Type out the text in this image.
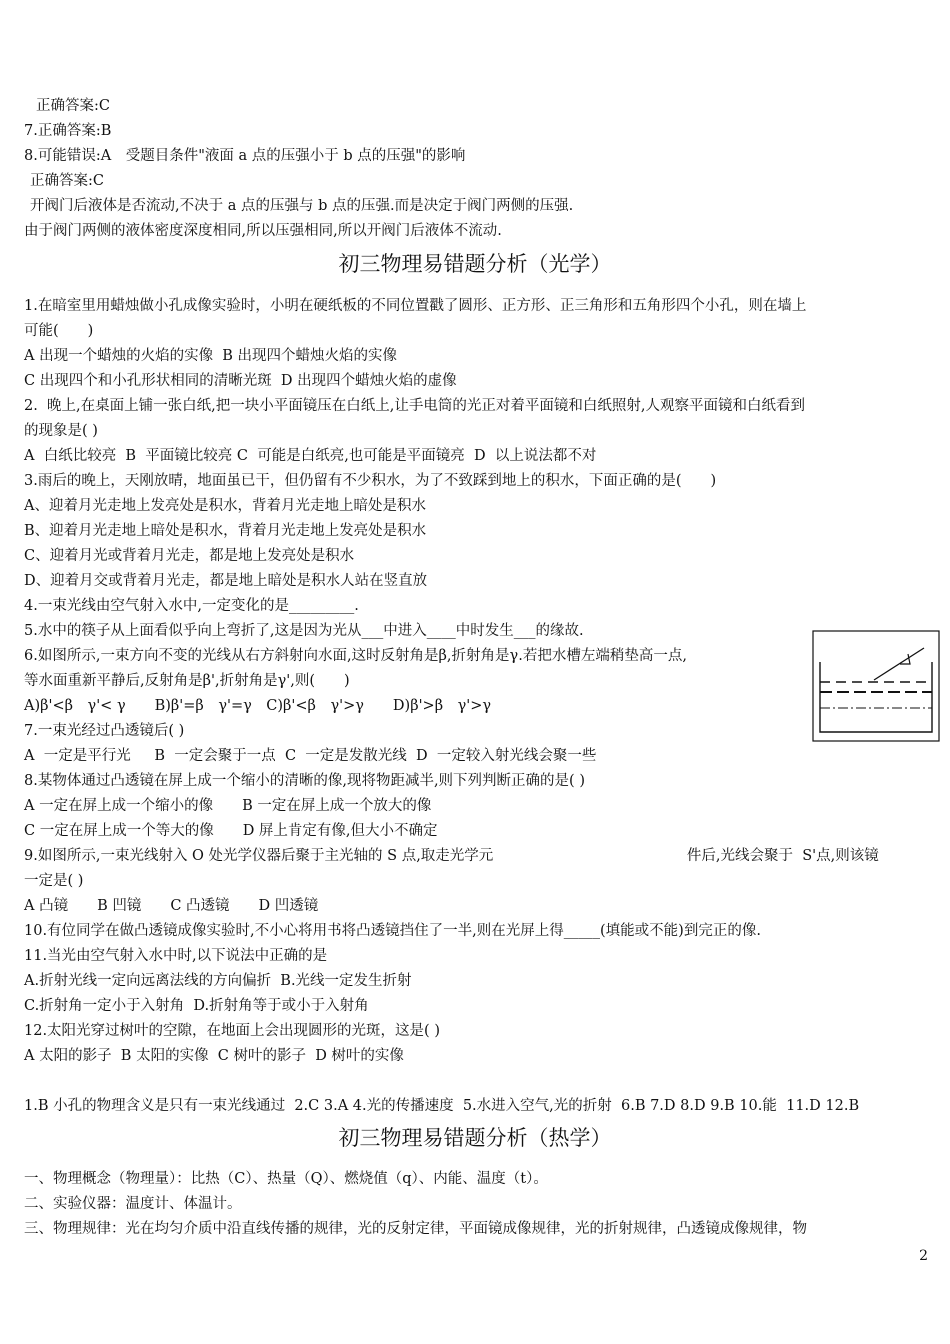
正确答案:C
7.正确答案:B
8.可能错误:A　受题目条件"液面 a 点的压强小于 b 点的压强"的影响
正确答案:C
开阀门后液体是否流动,不决于 a 点的压强与 b 点的压强.而是决定于阀门两侧的压强.
由于阀门两侧的液体密度深度相同,所以压强相同,所以开阀门后液体不流动.
初三物理易错题分析（光学）
1.在暗室里用蜡烛做小孔成像实验时，小明在硬纸板的不同位置戳了圆形、正方形、正三角形和五角形四个小孔，则在墙上
可能(　　)
A 出现一个蜡烛的火焰的实像  B 出现四个蜡烛火焰的实像
C 出现四个和小孔形状相同的清晰光斑  D 出现四个蜡烛火焰的虚像
2.  晚上,在桌面上铺一张白纸,把一块小平面镜压在白纸上,让手电筒的光正对着平面镜和白纸照射,人观察平面镜和白纸看到
的现象是( )
A  白纸比较亮  B  平面镜比较亮 C  可能是白纸亮,也可能是平面镜亮  D  以上说法都不对
3.雨后的晚上，天刚放晴，地面虽已干，但仍留有不少积水，为了不致踩到地上的积水，下面正确的是(　　)
A、迎着月光走地上发亮处是积水，背着月光走地上暗处是积水
B、迎着月光走地上暗处是积水，背着月光走地上发亮处是积水
C、迎着月光或背着月光走，都是地上发亮处是积水
D、迎着月交或背着月光走，都是地上暗处是积水人站在竖直放
4.一束光线由空气射入水中,一定变化的是_________.
5.水中的筷子从上面看似乎向上弯折了,这是因为光从___中进入____中时发生___的缘故.
6.如图所示,一束方向不变的光线从右方斜射向水面,这时反射角是β,折射角是γ.若把水槽左端稍垫高一点,
等水面重新平静后,反射角是β',折射角是γ',则(　　)
A)β'<β　γ'< γ　　B)β'=β　γ'=γ　C)β'<β　γ'>γ　　D)β'>β　γ'>γ
7.一束光经过凸透镜后( )
A  一定是平行光　  B  一定会聚于一点  C  一定是发散光线  D  一定较入射光线会聚一些
8.某物体通过凸透镜在屏上成一个缩小的清晰的像,现将物距减半,则下列判断正确的是( )
A 一定在屏上成一个缩小的像　　B 一定在屏上成一个放大的像
C 一定在屏上成一个等大的像　　D 屏上肯定有像,但大小不确定
9.如图所示,一束光线射入 O 处光学仪器后聚于主光轴的 S 点,取走光学元                                          件后,光线会聚于  S'点,则该镜
一定是( )
A 凸镜　　B 凹镜　　C 凸透镜　　D 凹透镜
10.有位同学在做凸透镜成像实验时,不小心将用书将凸透镜挡住了一半,则在光屏上得_____(填能或不能)到完正的像.
11.当光由空气射入水中时,以下说法中正确的是
A.折射光线一定向远离法线的方向偏折  B.光线一定发生折射
C.折射角一定小于入射角  D.折射角等于或小于入射角
12.太阳光穿过树叶的空隙，在地面上会出现圆形的光斑，这是( )
A 太阳的影子  B 太阳的实像  C 树叶的影子  D 树叶的实像
1.B 小孔的物理含义是只有一束光线通过  2.C 3.A 4.光的传播速度  5.水进入空气,光的折射  6.B 7.D 8.D 9.B 10.能  11.D 12.B
初三物理易错题分析（热学）
一、物理概念（物理量）：比热（C）、热量（Q）、燃烧值（q）、内能、温度（t）。
二、实验仪器：温度计、体温计。
三、物理规律：光在均匀介质中沿直线传播的规律，光的反射定律，平面镜成像规律，光的折射规律，凸透镜成像规律，物
2
